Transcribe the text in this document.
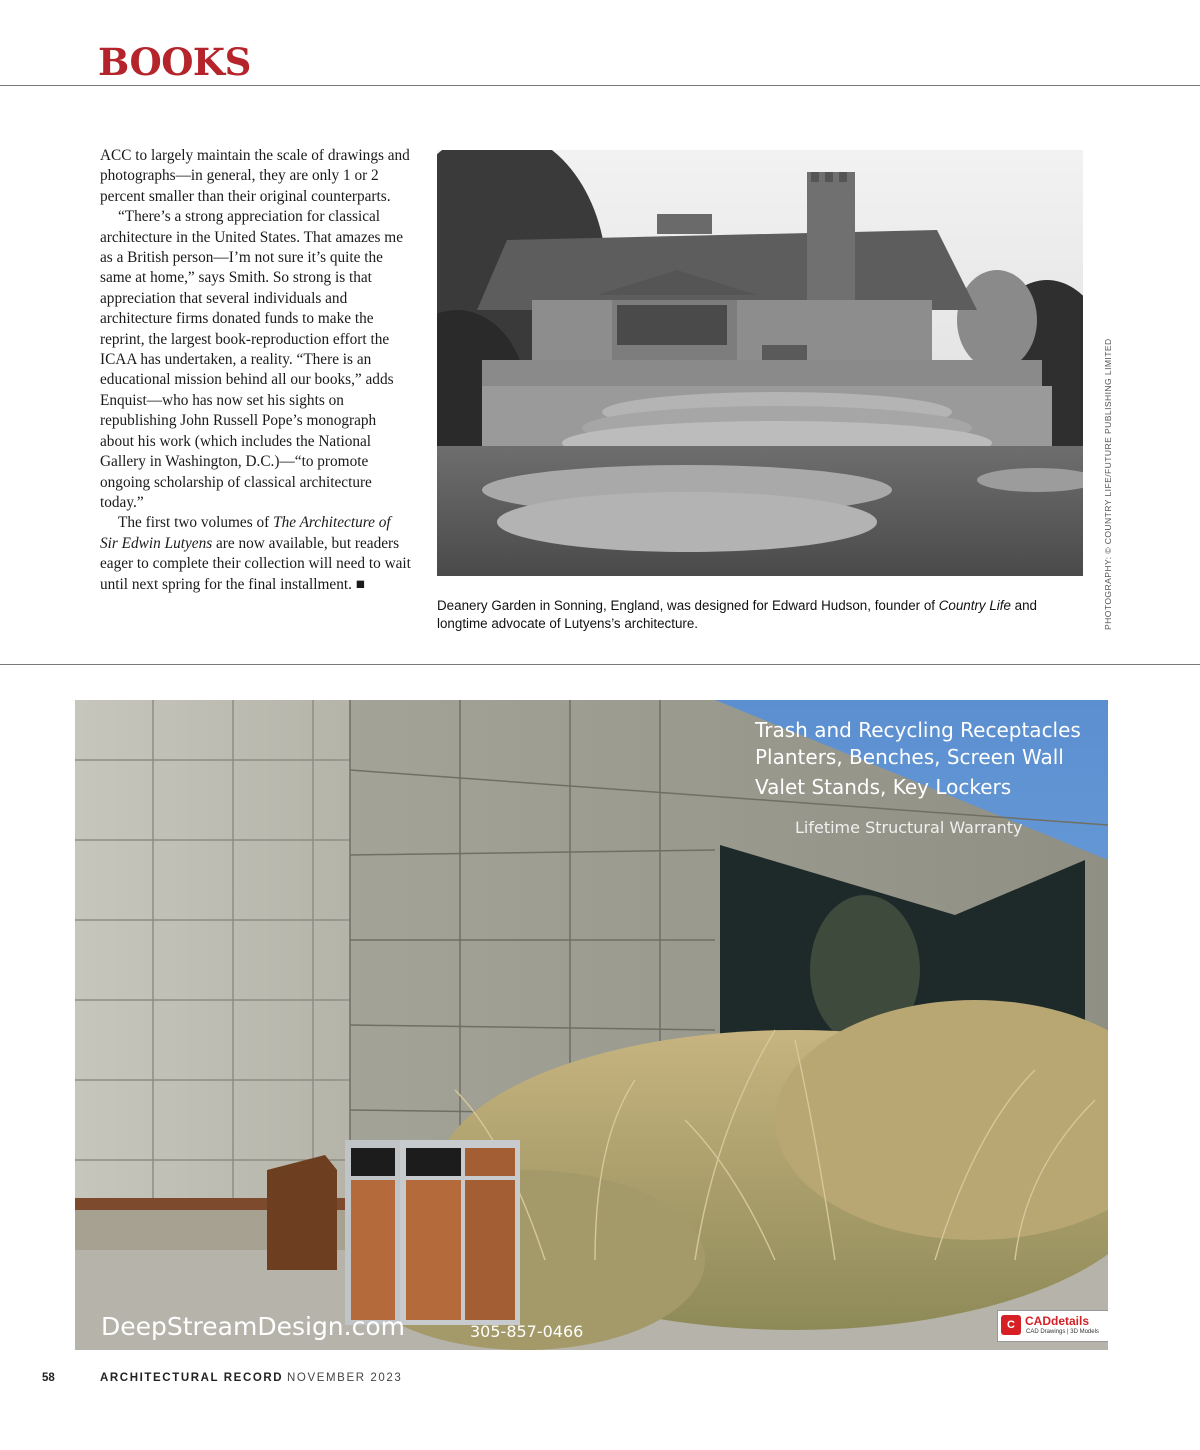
BOOKS

ACC to largely maintain the scale of drawings and photographs—in general, they are only 1 or 2 percent smaller than their original counterparts.

“There’s a strong appreciation for classical architecture in the United States. That amazes me as a British person—I’m not sure it’s quite the same at home,” says Smith. So strong is that appreciation that several individuals and architecture firms donated funds to make the reprint, the largest book-reproduction effort the ICAA has undertaken, a reality. “There is an educational mission behind all our books,” adds Enquist—who has now set his sights on republishing John Russell Pope’s monograph about his work (which includes the National Gallery in Washington, D.C.)—“to promote ongoing scholarship of classical architecture today.”

The first two volumes of The Architecture of Sir Edwin Lutyens are now available, but readers eager to complete their collection will need to wait until next spring for the final installment. ■

Deanery Garden in Sonning, England, was designed for Edward Hudson, founder of Country Life and longtime advocate of Lutyens’s architecture.	PHOTOGRAPHY: © COUNTRY LIFE/FUTURE PUBLISHING LIMITED
Trash and Recycling Receptacles
Planters, Benches, Screen Wall
Valet Stands, Key Lockers
Lifetime Structural Warranty
DeepStreamDesign.com	305-857-0466	C CADdetails
CAD Drawings | 3D Models
58	ARCHITECTURAL RECORD NOVEMBER 2023
